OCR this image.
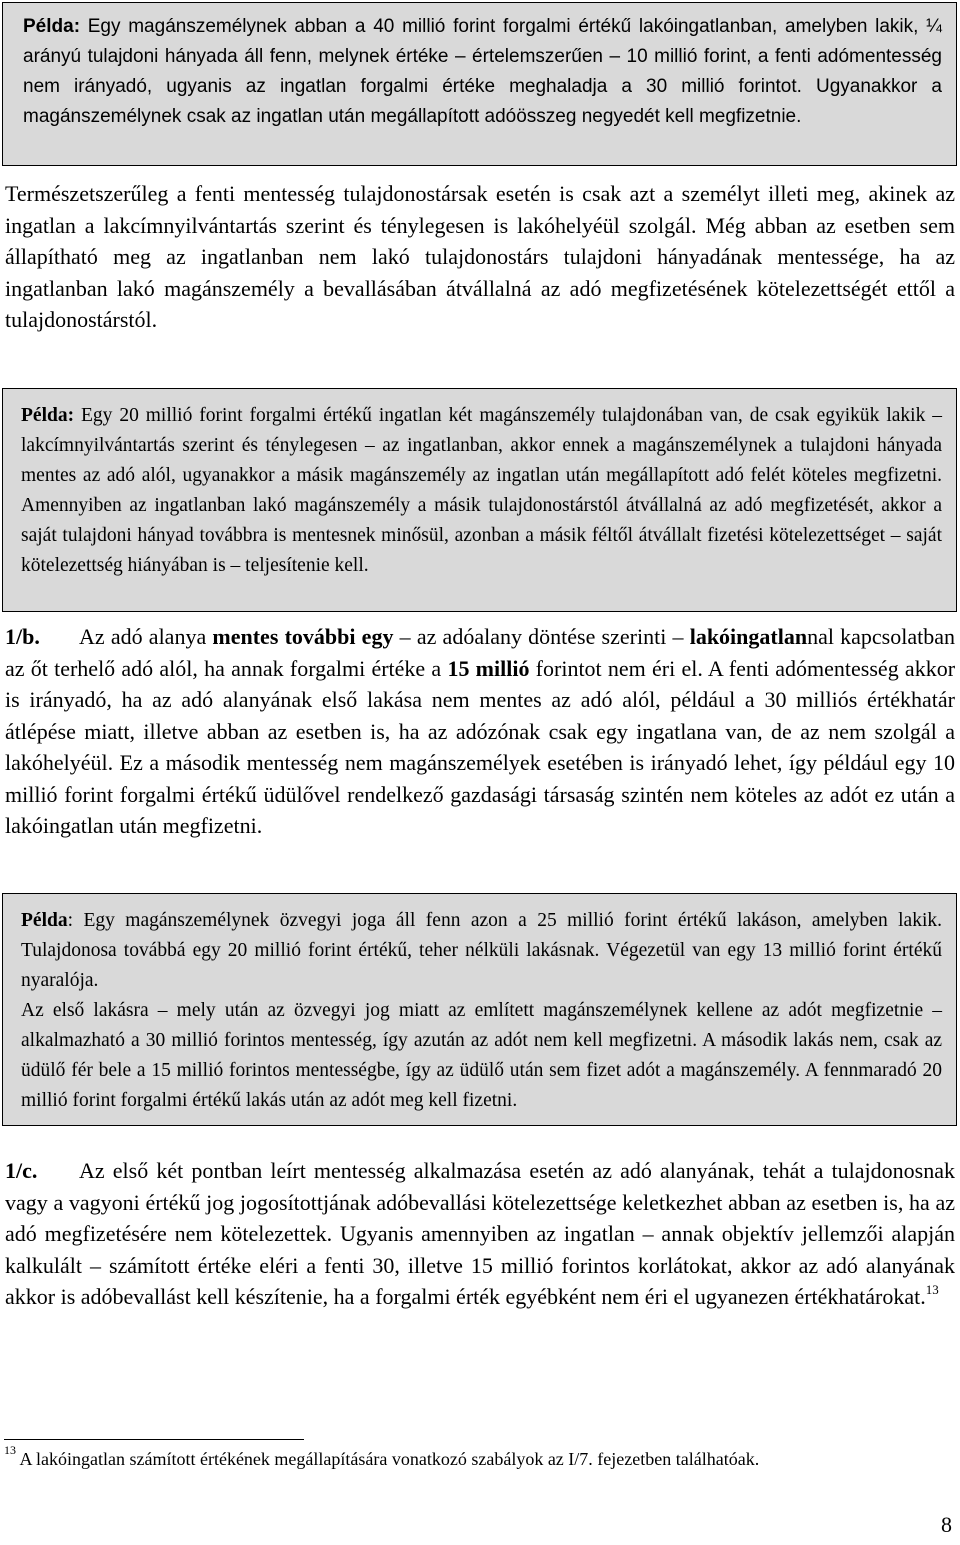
Példa: Egy magánszemélynek abban a 40 millió forint forgalmi értékű lakóingatlanban, amelyben lakik, ¼ arányú tulajdoni hányada áll fenn, melynek értéke – értelemszerűen – 10 millió forint, a fenti adómentesség nem irányadó, ugyanis az ingatlan forgalmi értéke meghaladja a 30 millió forintot. Ugyanakkor a magánszemélynek csak az ingatlan után megállapított adóösszeg negyedét kell megfizetnie.

Természetszerűleg a fenti mentesség tulajdonostársak esetén is csak azt a személyt illeti meg, akinek az ingatlan a lakcímnyilvántartás szerint és ténylegesen is lakóhelyéül szolgál. Még abban az esetben sem állapítható meg az ingatlanban nem lakó tulajdonostárs tulajdoni hányadának mentessége, ha az ingatlanban lakó magánszemély a bevallásában átvállalná az adó megfizetésének kötelezettségét ettől a tulajdonostárstól.

Példa: Egy 20 millió forint forgalmi értékű ingatlan két magánszemély tulajdonában van, de csak egyikük lakik – lakcímnyilvántartás szerint és ténylegesen – az ingatlanban, akkor ennek a magánszemélynek a tulajdoni hányada mentes az adó alól, ugyanakkor a másik magánszemély az ingatlan után megállapított adó felét köteles megfizetni. Amennyiben az ingatlanban lakó magánszemély a másik tulajdonostárstól átvállalná az adó megfizetését, akkor a saját tulajdoni hányad továbbra is mentesnek minősül, azonban a másik féltől átvállalt fizetési kötelezettséget – saját kötelezettség hiányában is – teljesítenie kell.

1/b. Az adó alanya mentes további egy – az adóalany döntése szerinti – lakóingatlannal kapcsolatban az őt terhelő adó alól, ha annak forgalmi értéke a 15 millió forintot nem éri el. A fenti adómentesség akkor is irányadó, ha az adó alanyának első lakása nem mentes az adó alól, például a 30 milliós értékhatár átlépése miatt, illetve abban az esetben is, ha az adózónak csak egy ingatlana van, de az nem szolgál a lakóhelyéül. Ez a második mentesség nem magánszemélyek esetében is irányadó lehet, így például egy 10 millió forint forgalmi értékű üdülővel rendelkező gazdasági társaság szintén nem köteles az adót ez után a lakóingatlan után megfizetni.

Példa: Egy magánszemélynek özvegyi joga áll fenn azon a 25 millió forint értékű lakáson, amelyben lakik. Tulajdonosa továbbá egy 20 millió forint értékű, teher nélküli lakásnak. Végezetül van egy 13 millió forint értékű nyaralója.
Az első lakásra – mely után az özvegyi jog miatt az említett magánszemélynek kellene az adót megfizetnie – alkalmazható a 30 millió forintos mentesség, így azután az adót nem kell megfizetni. A második lakás nem, csak az üdülő fér bele a 15 millió forintos mentességbe, így az üdülő után sem fizet adót a magánszemély. A fennmaradó 20 millió forint forgalmi értékű lakás után az adót meg kell fizetni.

1/c. Az első két pontban leírt mentesség alkalmazása esetén az adó alanyának, tehát a tulajdonosnak vagy a vagyoni értékű jog jogosítottjának adóbevallási kötelezettsége keletkezhet abban az esetben is, ha az adó megfizetésére nem kötelezettek. Ugyanis amennyiben az ingatlan – annak objektív jellemzői alapján kalkulált – számított értéke eléri a fenti 30, illetve 15 millió forintos korlátokat, akkor az adó alanyának akkor is adóbevallást kell készítenie, ha a forgalmi érték egyébként nem éri el ugyanezen értékhatárokat.$^{13}$

$^{13}$ A lakóingatlan számított értékének megállapítására vonatkozó szabályok az I/7. fejezetben találhatóak.
8
